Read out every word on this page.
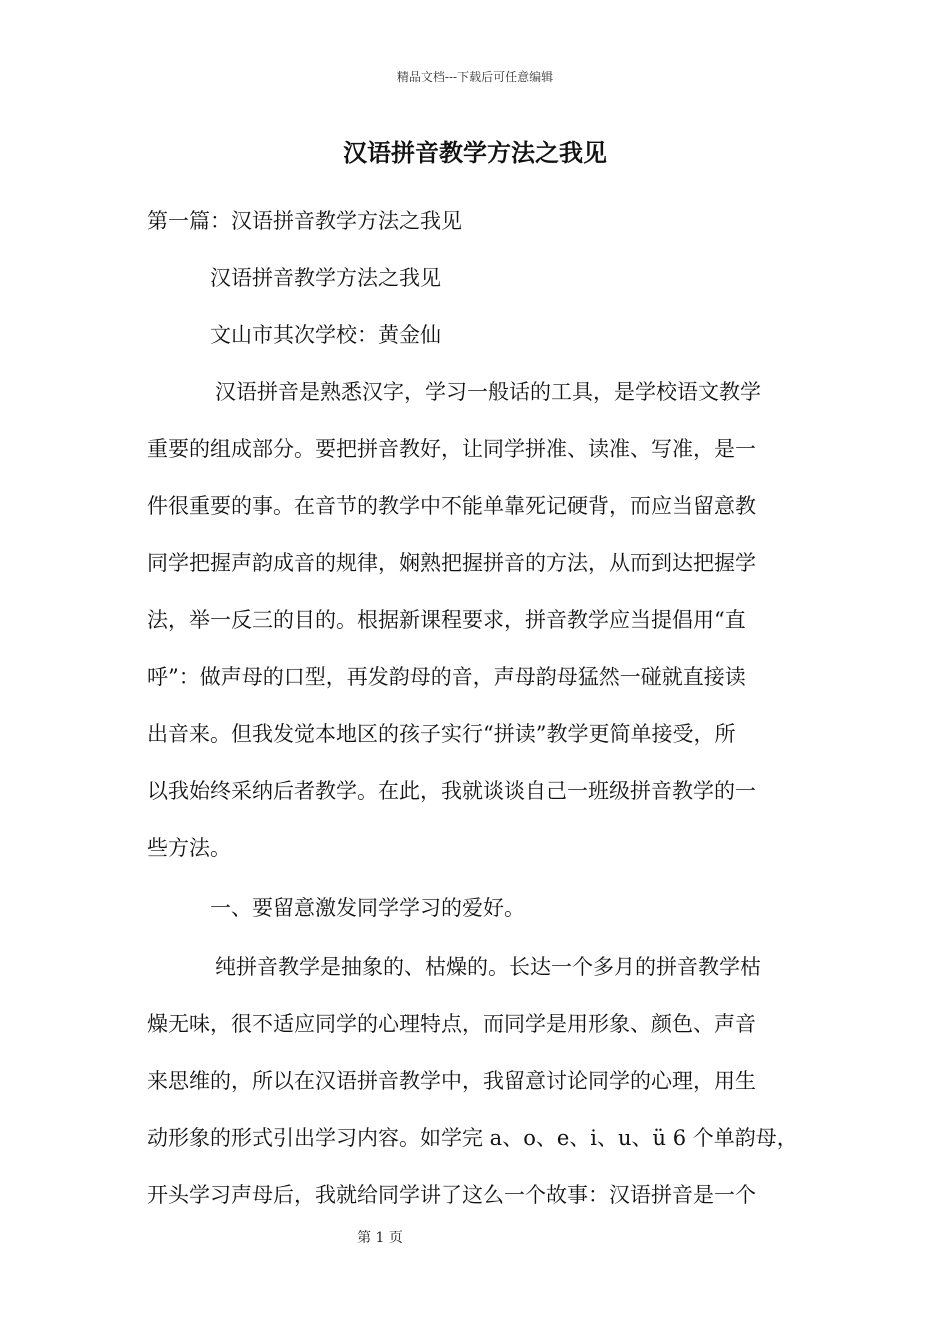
精品文档---下载后可任意编辑
汉语拼音教学方法之我见
第一篇：汉语拼音教学方法之我见
汉语拼音教学方法之我见
文山市其次学校：黄金仙
汉语拼音是熟悉汉字，学习一般话的工具，是学校语文教学
重要的组成部分。要把拼音教好，让同学拼准、读准、写准，是一
件很重要的事。在音节的教学中不能单靠死记硬背，而应当留意教
同学把握声韵成音的规律，娴熟把握拼音的方法，从而到达把握学
法，举一反三的目的。根据新课程要求，拼音教学应当提倡用“直
呼”：做声母的口型，再发韵母的音，声母韵母猛然一碰就直接读
出音来。但我发觉本地区的孩子实行“拼读”教学更简单接受，所
以我始终采纳后者教学。在此，我就谈谈自己一班级拼音教学的一
些方法。
一、要留意激发同学学习的爱好。
纯拼音教学是抽象的、枯燥的。长达一个多月的拼音教学枯
燥无味，很不适应同学的心理特点，而同学是用形象、颜色、声音
来思维的，所以在汉语拼音教学中，我留意讨论同学的心理，用生
动形象的形式引出学习内容。如学完 a、o、e、i、u、ü 6 个单韵母，
开头学习声母后，我就给同学讲了这么一个故事：汉语拼音是一个
第 1 页
